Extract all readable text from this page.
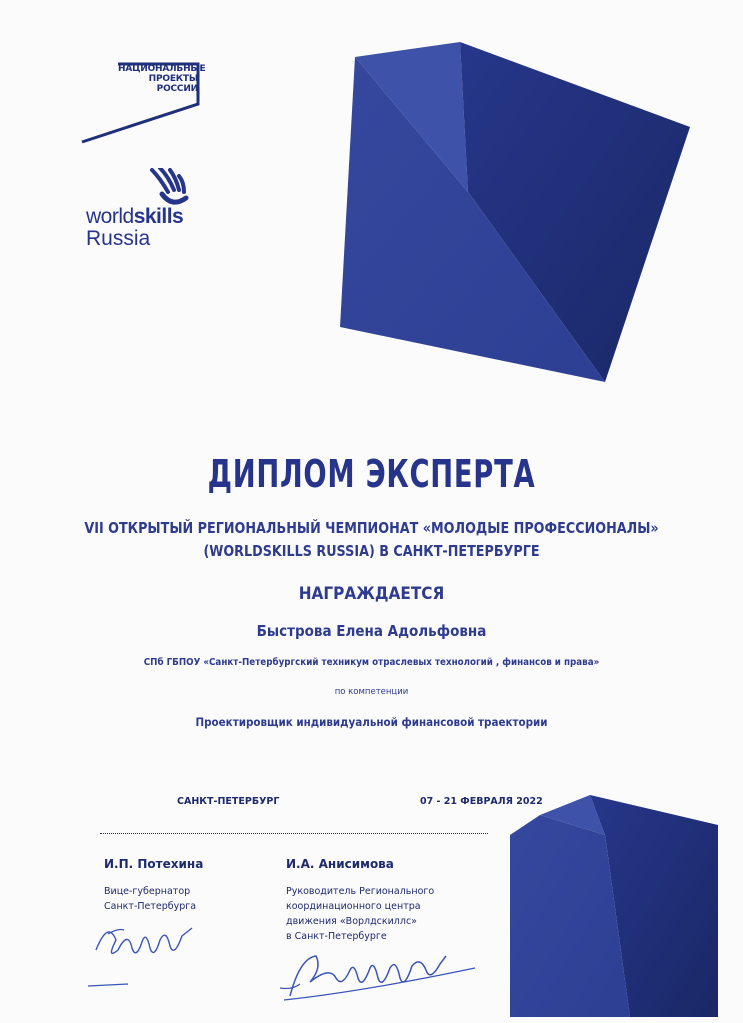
НАЦИОНАЛЬНЫЕ
ПРОЕКТЫ
РОССИИ
worldskills
Russia
ДИПЛОМ ЭКСПЕРТА
VII ОТКРЫТЫЙ РЕГИОНАЛЬНЫЙ ЧЕМПИОНАТ «МОЛОДЫЕ ПРОФЕССИОНАЛЫ»
(WORLDSKILLS RUSSIA) В САНКТ-ПЕТЕРБУРГЕ
НАГРАЖДАЕТСЯ
Быстрова Елена Адольфовна
СПб ГБПОУ «Санкт-Петербургский техникум отраслевых технологий , финансов и права»
по компетенции
Проектировщик индивидуальной финансовой траектории
САНКТ-ПЕТЕРБУРГ	07 - 21 ФЕВРАЛЯ 2022
И.П. Потехина
Вице-губернатор
Санкт-Петербурга
И.А. Анисимова
Руководитель Регионального
координационного центра
движения «Ворлдскиллс»
в Санкт-Петербурге
